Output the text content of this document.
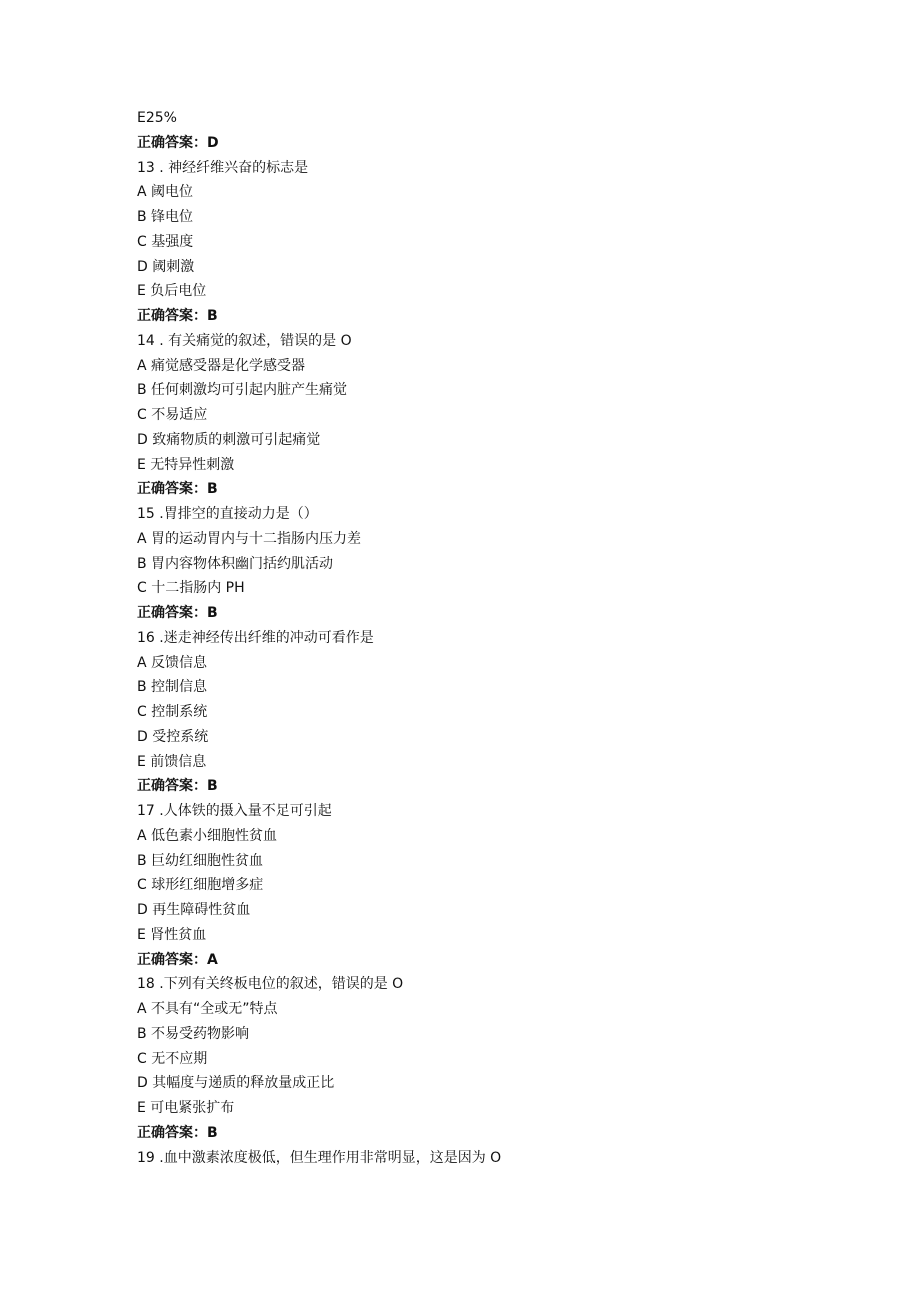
E25%
正确答案：D
13 . 神经纤维兴奋的标志是
A 阈电位
B 锋电位
C 基强度
D 阈刺激
E 负后电位
正确答案：B
14 . 有关痛觉的叙述，错误的是 O
A 痛觉感受器是化学感受器
B 任何刺激均可引起内脏产生痛觉
C 不易适应
D 致痛物质的刺激可引起痛觉
E 无特异性刺激
正确答案：B
15 .胃排空的直接动力是（）
A 胃的运动胃内与十二指肠内压力差
B 胃内容物体积幽门括约肌活动
C 十二指肠内 PH
正确答案：B
16 .迷走神经传出纤维的冲动可看作是
A 反馈信息
B 控制信息
C 控制系统
D 受控系统
E 前馈信息
正确答案：B
17 .人体铁的摄入量不足可引起
A 低色素小细胞性贫血
B 巨幼红细胞性贫血
C 球形红细胞增多症
D 再生障碍性贫血
E 肾性贫血
正确答案：A
18 .下列有关终板电位的叙述，错误的是 O
A 不具有“全或无”特点
B 不易受药物影响
C 无不应期
D 其幅度与递质的释放量成正比
E 可电紧张扩布
正确答案：B
19 .血中激素浓度极低，但生理作用非常明显，这是因为 O
